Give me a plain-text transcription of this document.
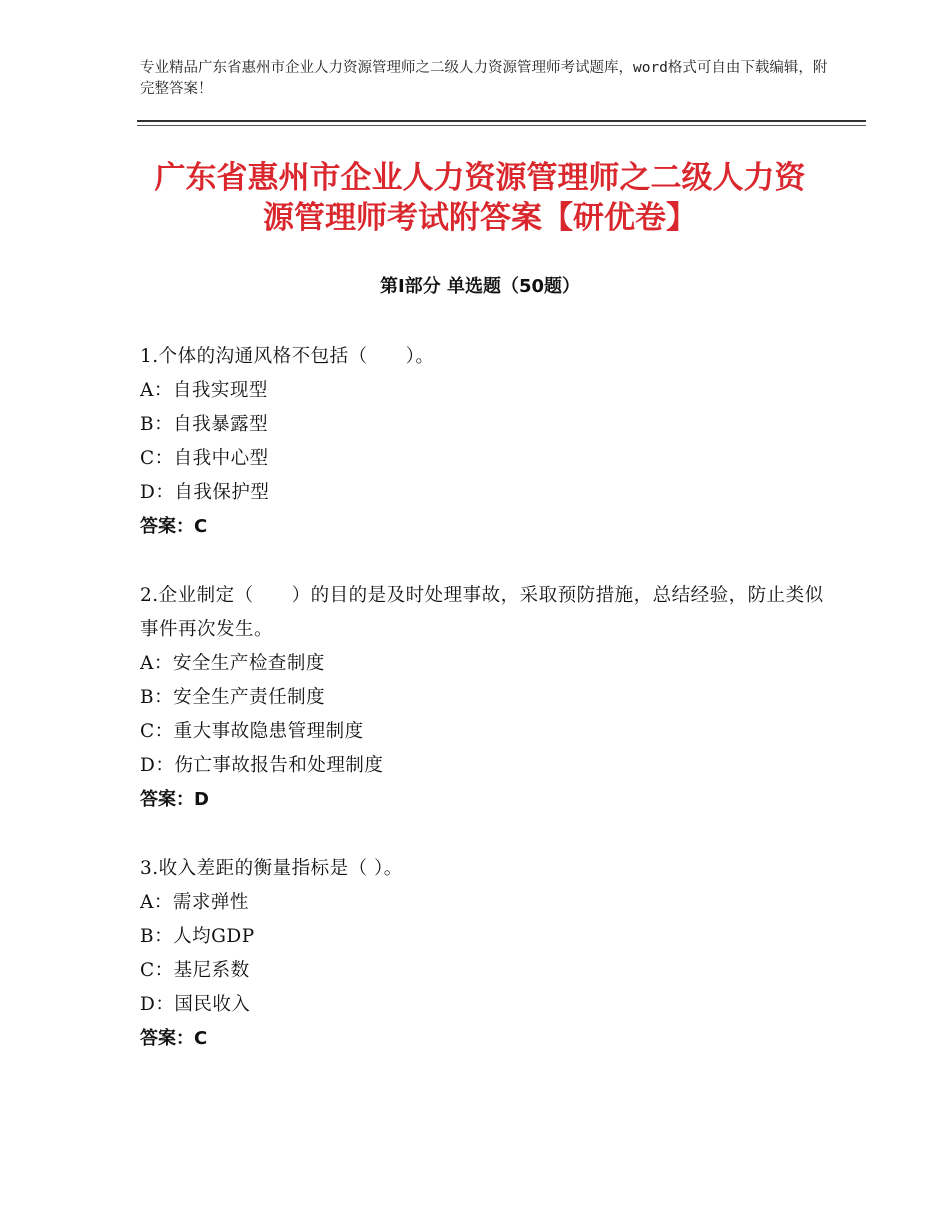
专业精品广东省惠州市企业人力资源管理师之二级人力资源管理师考试题库，word格式可自由下载编辑，附完整答案！
广东省惠州市企业人力资源管理师之二级人力资源管理师考试附答案【研优卷】
第Ⅰ部分 单选题（50题）
1.个体的沟通风格不包括（　　）。
A：自我实现型
B：自我暴露型
C：自我中心型
D：自我保护型
答案：C
2.企业制定（　　）的目的是及时处理事故，采取预防措施，总结经验，防止类似事件再次发生。
A：安全生产检查制度
B：安全生产责任制度
C：重大事故隐患管理制度
D：伤亡事故报告和处理制度
答案：D
3.收入差距的衡量指标是（ ）。
A：需求弹性
B：人均GDP
C：基尼系数
D：国民收入
答案：C
